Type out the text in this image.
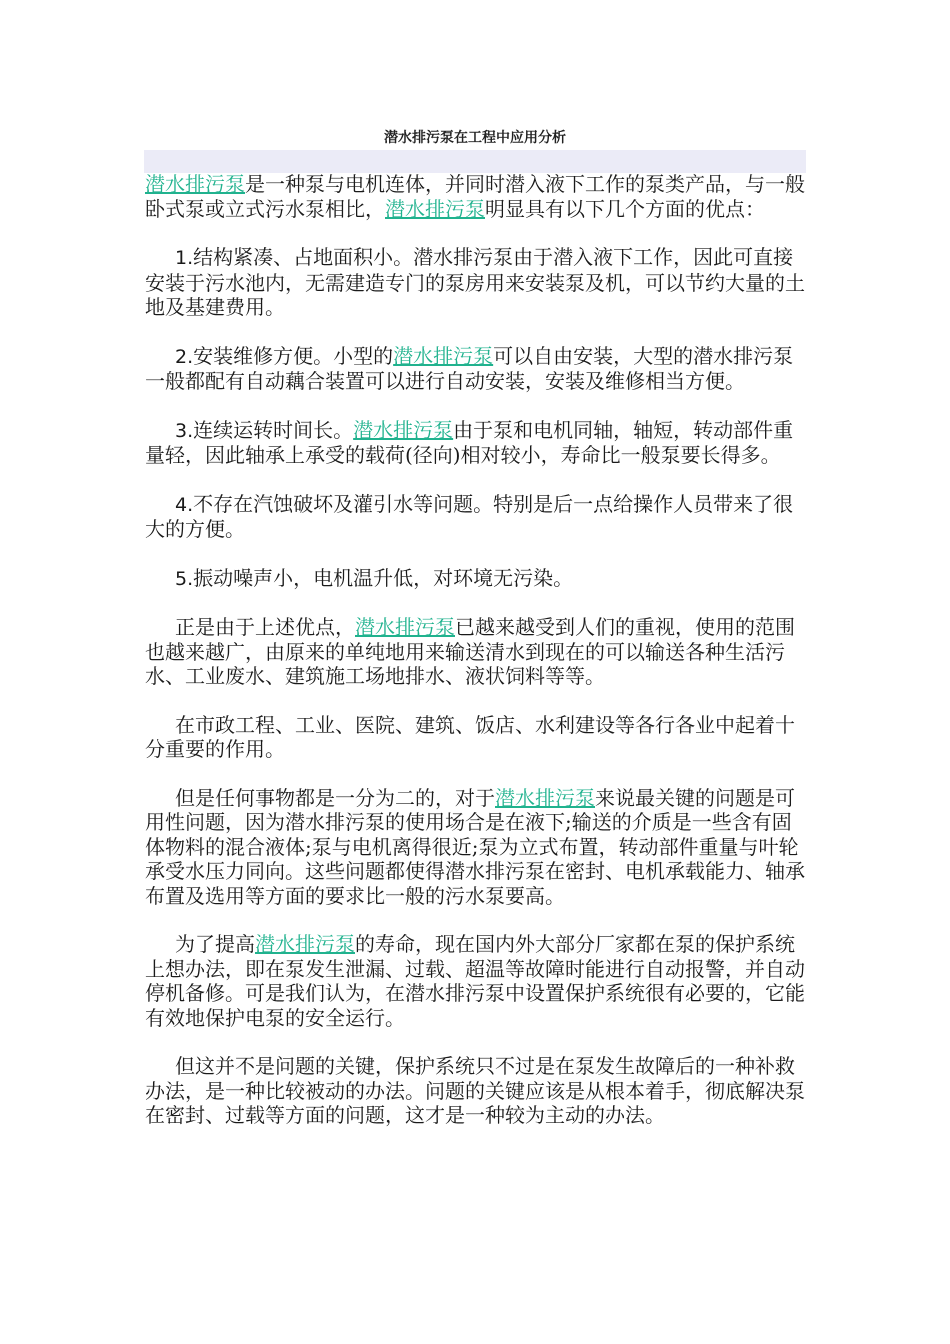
潜水排污泵在工程中应用分析

潜水排污泵是一种泵与电机连体，并同时潜入液下工作的泵类产品，与一般卧式泵或立式污水泵相比，潜水排污泵明显具有以下几个方面的优点：

1.结构紧凑、占地面积小。潜水排污泵由于潜入液下工作，因此可直接安装于污水池内，无需建造专门的泵房用来安装泵及机，可以节约大量的土地及基建费用。

2.安装维修方便。小型的潜水排污泵可以自由安装，大型的潜水排污泵一般都配有自动藕合装置可以进行自动安装，安装及维修相当方便。

3.连续运转时间长。潜水排污泵由于泵和电机同轴，轴短，转动部件重量轻，因此轴承上承受的载荷(径向)相对较小，寿命比一般泵要长得多。

4.不存在汽蚀破坏及灌引水等问题。特别是后一点给操作人员带来了很大的方便。

5.振动噪声小，电机温升低，对环境无污染。

正是由于上述优点，潜水排污泵已越来越受到人们的重视，使用的范围也越来越广，由原来的单纯地用来输送清水到现在的可以输送各种生活污水、工业废水、建筑施工场地排水、液状饲料等等。

在市政工程、工业、医院、建筑、饭店、水利建设等各行各业中起着十分重要的作用。

但是任何事物都是一分为二的，对于潜水排污泵来说最关键的问题是可用性问题，因为潜水排污泵的使用场合是在液下;输送的介质是一些含有固体物料的混合液体;泵与电机离得很近;泵为立式布置，转动部件重量与叶轮承受水压力同向。这些问题都使得潜水排污泵在密封、电机承载能力、轴承布置及选用等方面的要求比一般的污水泵要高。

为了提高潜水排污泵的寿命，现在国内外大部分厂家都在泵的保护系统上想办法，即在泵发生泄漏、过载、超温等故障时能进行自动报警，并自动停机备修。可是我们认为，在潜水排污泵中设置保护系统很有必要的，它能有效地保护电泵的安全运行。

但这并不是问题的关键，保护系统只不过是在泵发生故障后的一种补救办法，是一种比较被动的办法。问题的关键应该是从根本着手，彻底解决泵在密封、过载等方面的问题，这才是一种较为主动的办法。
